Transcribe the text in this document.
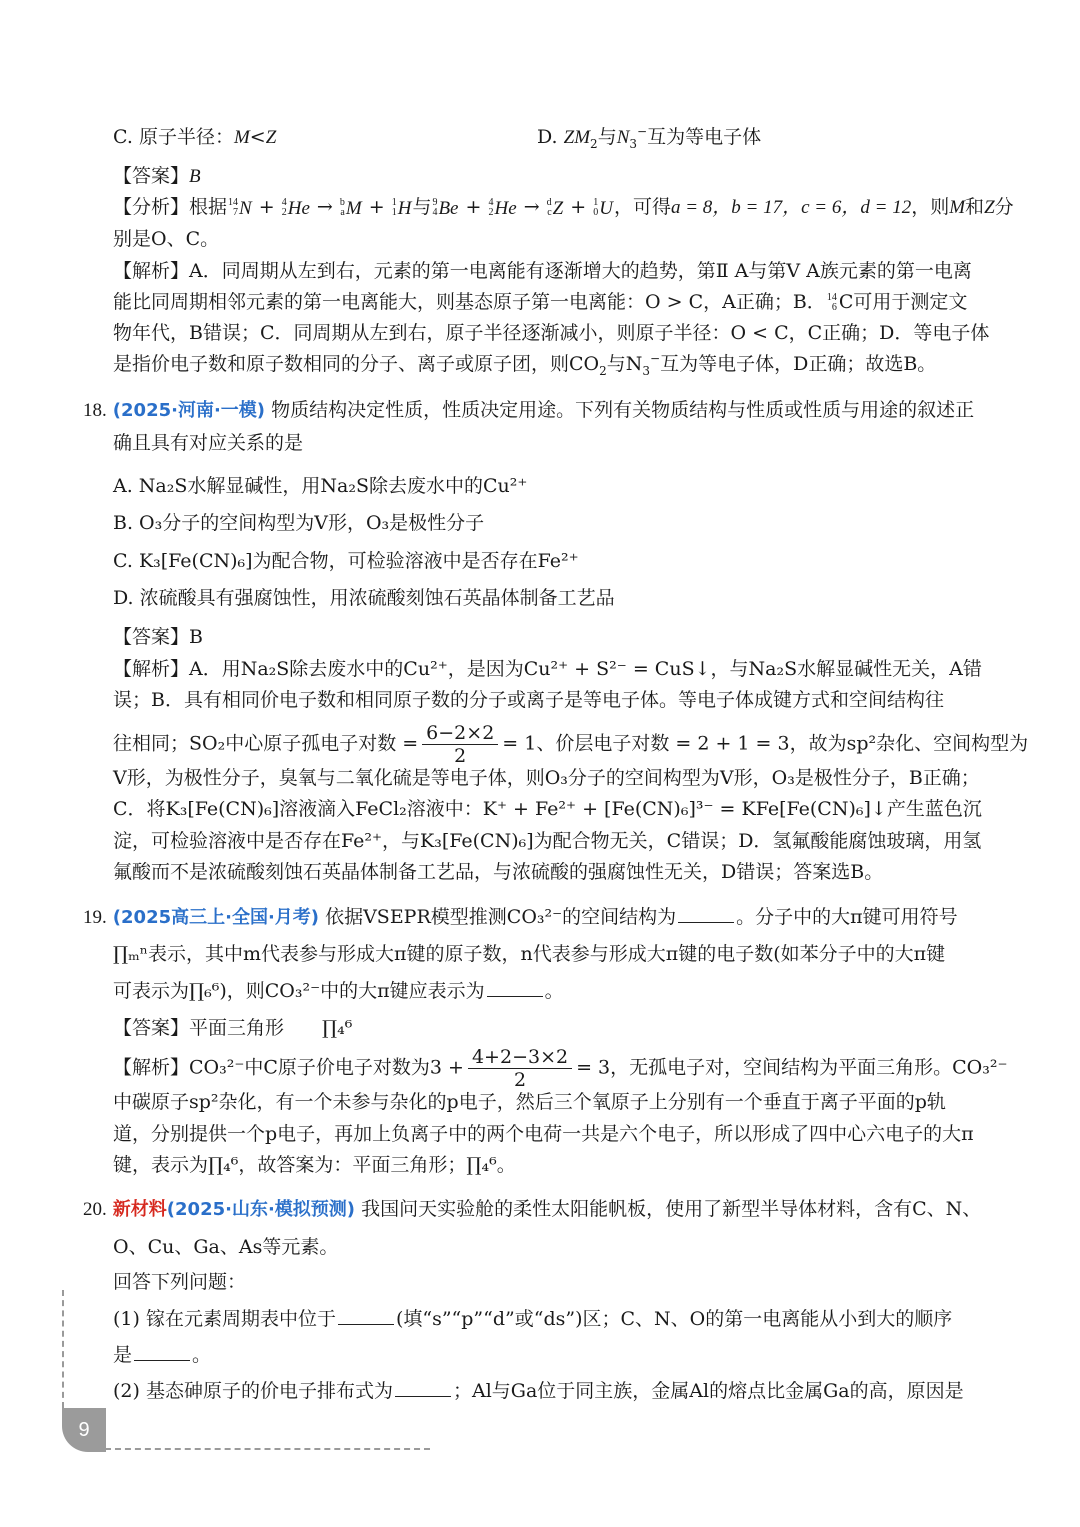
C. 原子半径：M<Z	D. $ZM_2$与$N_3^-$互为等电子体
【答案】B
【分析】根据 14
7 N + 4
2 He → b
a M + 1
1 H与 9
4 Be + 4
2 He → d
c Z + 1
0 U，可得a = 8，b = 17，c = 6，d = 12，则M和Z分
别是O、C。
【解析】A．同周期从左到右，元素的第一电离能有逐渐增大的趋势，第Ⅱ A与第Ⅴ A族元素的第一电离
能比同周期相邻元素的第一电离能大，则基态原子第一电离能：O > C，A正确；B． 14
6 C可用于测定文
物年代，B错误；C．同周期从左到右，原子半径逐渐减小，则原子半径：O < C，C正确；D．等电子体
是指价电子数和原子数相同的分子、离子或原子团，则$CO_2$与$N_3^-$互为等电子体，D正确；故选B。
18. (2025·河南·一模) 物质结构决定性质，性质决定用途。下列有关物质结构与性质或性质与用途的叙述正
确且具有对应关系的是
A. Na₂S水解显碱性，用Na₂S除去废水中的Cu²⁺
B. O₃分子的空间构型为V形，O₃是极性分子
C. K₃[Fe(CN)₆]为配合物，可检验溶液中是否存在Fe²⁺
D. 浓硫酸具有强腐蚀性，用浓硫酸刻蚀石英晶体制备工艺品
【答案】B
【解析】A．用Na₂S除去废水中的Cu²⁺，是因为Cu²⁺ + S²⁻ = CuS↓，与Na₂S水解显碱性无关，A错
误；B．具有相同价电子数和相同原子数的分子或离子是等电子体。等电子体成键方式和空间结构往
往相同；SO₂中心原子孤电子对数 = $\frac{6-2\times 2}{2} = 1$、价层电子对数 = 2 + 1 = 3，故为sp²杂化、空间构型为
V形，为极性分子，臭氧与二氧化硫是等电子体，则O₃分子的空间构型为V形，O₃是极性分子，B正确；
C．将K₃[Fe(CN)₆]溶液滴入FeCl₂溶液中：K⁺ + Fe²⁺ + [Fe(CN)₆]³⁻ = KFe[Fe(CN)₆]↓产生蓝色沉
淀，可检验溶液中是否存在Fe²⁺，与K₃[Fe(CN)₆]为配合物无关，C错误；D．氢氟酸能腐蚀玻璃，用氢
氟酸而不是浓硫酸刻蚀石英晶体制备工艺品，与浓硫酸的强腐蚀性无关，D错误；答案选B。
19. (2025高三上·全国·月考) 依据VSEPR模型推测CO₃²⁻的空间结构为	。分子中的大π键可用符号
∏ₘⁿ表示，其中m代表参与形成大π键的原子数，n代表参与形成大π键的电子数(如苯分子中的大π键
可表示为∏₆⁶)，则CO₃²⁻中的大π键应表示为	。
【答案】平面三角形　　∏₄⁶
【解析】CO₃²⁻中C原子价电子对数为$3 + \frac{4+2-3\times 2}{2} = 3$，无孤电子对，空间结构为平面三角形。CO₃²⁻
中碳原子sp²杂化，有一个未参与杂化的p电子，然后三个氧原子上分别有一个垂直于离子平面的p轨
道，分别提供一个p电子，再加上负离子中的两个电荷一共是六个电子，所以形成了四中心六电子的大π
键，表示为∏₄⁶，故答案为：平面三角形；∏₄⁶。
20. 新材料(2025·山东·模拟预测) 我国问天实验舱的柔性太阳能帆板，使用了新型半导体材料，含有C、N、
O、Cu、Ga、As等元素。
回答下列问题：
(1) 镓在元素周期表中位于	(填“s”“p”“d”或“ds”)区；C、N、O的第一电离能从小到大的顺序
是	。
(2) 基态砷原子的价电子排布式为	；Al与Ga位于同主族，金属Al的熔点比金属Ga的高，原因是
9
